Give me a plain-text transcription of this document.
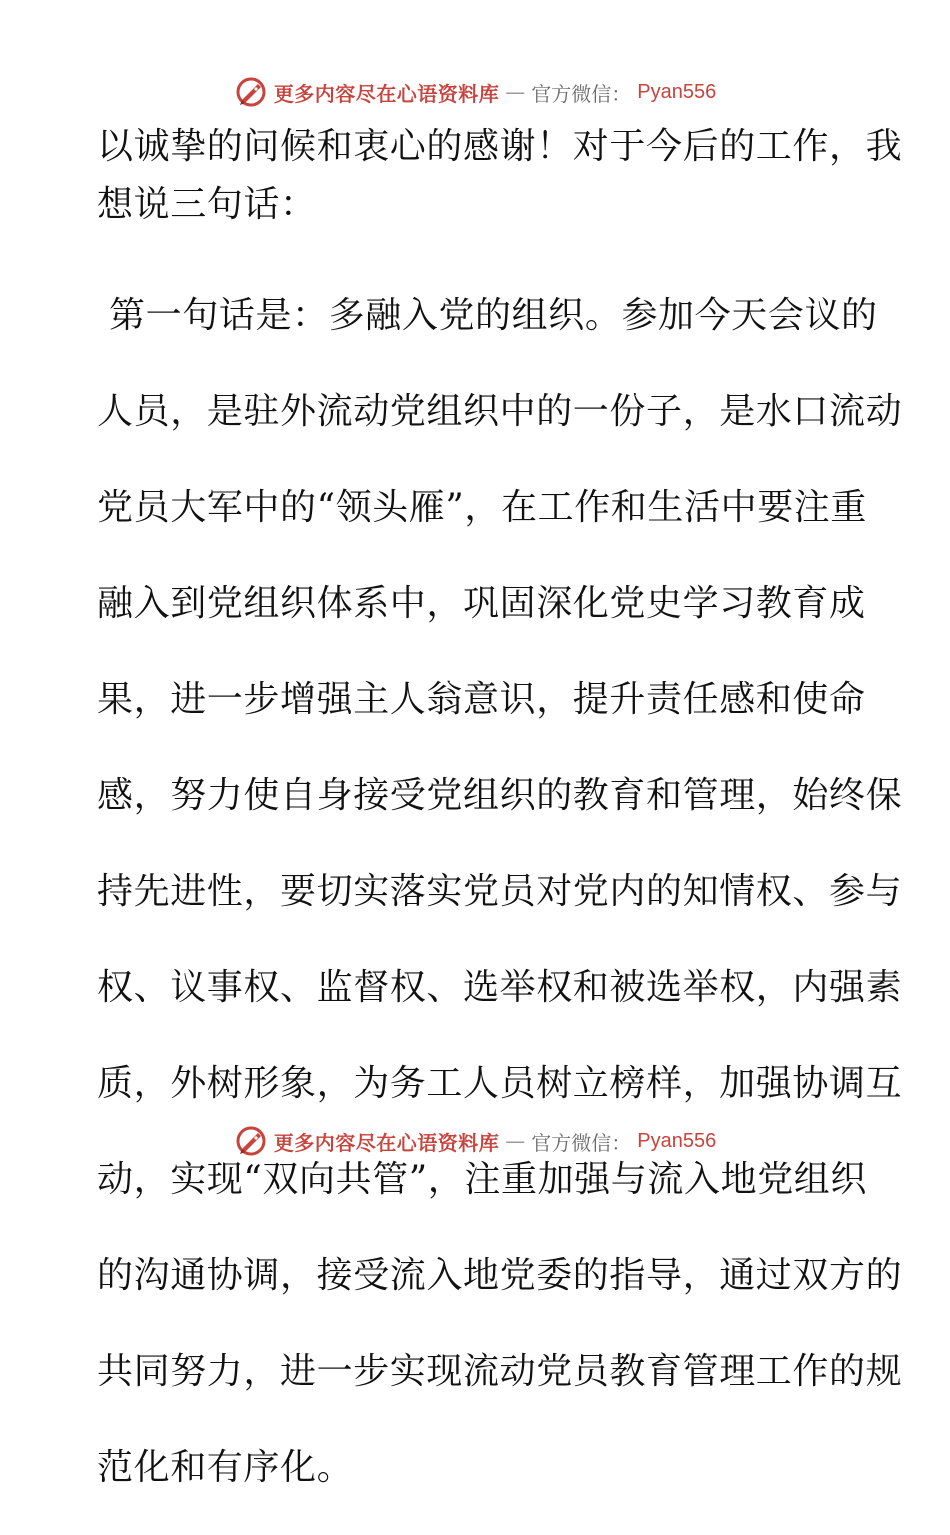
更多内容尽在心语资料库 — 官方微信： Pyan556
以诚挚的问候和衷心的感谢！对于今后的工作，我
想说三句话：

第一句话是：多融入党的组织。参加今天会议的

人员，是驻外流动党组织中的一份子，是水口流动

党员大军中的“领头雁”，在工作和生活中要注重

融入到党组织体系中，巩固深化党史学习教育成

果，进一步增强主人翁意识，提升责任感和使命

感，努力使自身接受党组织的教育和管理，始终保

持先进性，要切实落实党员对党内的知情权、参与

权、议事权、监督权、选举权和被选举权，内强素

质，外树形象，为务工人员树立榜样，加强协调互

动，实现“双向共管”，注重加强与流入地党组织

的沟通协调，接受流入地党委的指导，通过双方的

共同努力，进一步实现流动党员教育管理工作的规

范化和有序化。

更多内容尽在心语资料库 — 官方微信： Pyan556
